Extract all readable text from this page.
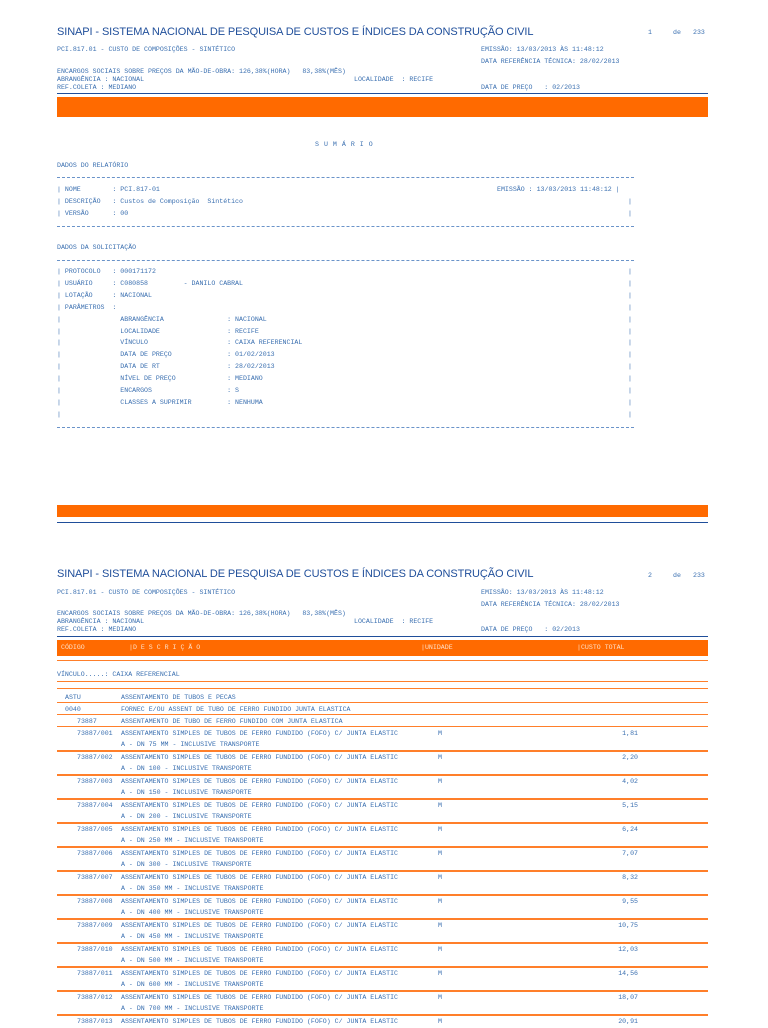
SINAPI - SISTEMA NACIONAL DE PESQUISA DE CUSTOS E ÍNDICES DA CONSTRUÇÃO CIVIL	1	de 233
PCI.817.01 - CUSTO DE COMPOSIÇÕES - SINTÉTICO	EMISSÃO: 13/03/2013 ÀS 11:48:12
DATA REFERÊNCIA TÉCNICA: 28/02/2013
ENCARGOS SOCIAIS SOBRE PREÇOS DA MÃO-DE-OBRA: 126,38%(HORA)   83,38%(MÊS)
ABRANGÊNCIA : NACIONAL	LOCALIDADE  : RECIFE
REF.COLETA : MEDIANO	DATA DE PREÇO   : 02/2013
SUMÁRIO
DADOS DO RELATÓRIO
| NOME        : PCI.817-01	EMISSÃO : 13/03/2013 11:48:12 |
| DESCRIÇÃO   : Custos de Composição  Sintético	|
| VERSÃO      : 00	|
DADOS DA SOLICITAÇÃO
| PROTOCOLO   : 000171172	|
| USUÁRIO     : C080858         - DANILO CABRAL	|
| LOTAÇÃO     : NACIONAL	|
| PARÂMETROS  :	|
|               ABRANGÊNCIA                : NACIONAL	|
|               LOCALIDADE                 : RECIFE	|
|               VÍNCULO                    : CAIXA REFERENCIAL	|
|               DATA DE PREÇO              : 01/02/2013	|
|               DATA DE RT                 : 28/02/2013	|
|               NÍVEL DE PREÇO             : MEDIANO	|
|               ENCARGOS                   : S	|
|               CLASSES A SUPRIMIR         : NENHUMA	|
|	|
SINAPI - SISTEMA NACIONAL DE PESQUISA DE CUSTOS E ÍNDICES DA CONSTRUÇÃO CIVIL	2	de 233
PCI.817.01 - CUSTO DE COMPOSIÇÕES - SINTÉTICO	EMISSÃO: 13/03/2013 ÀS 11:48:12
DATA REFERÊNCIA TÉCNICA: 28/02/2013
ENCARGOS SOCIAIS SOBRE PREÇOS DA MÃO-DE-OBRA: 126,38%(HORA)   83,38%(MÊS)
ABRANGÊNCIA : NACIONAL	LOCALIDADE  : RECIFE
REF.COLETA : MEDIANO	DATA DE PREÇO   : 02/2013
CÓDIGO	|D E S C R I Ç Ã O	|UNIDADE	|CUSTO TOTAL
VÍNCULO.....: CAIXA REFERENCIAL
ASTU	ASSENTAMENTO DE TUBOS E PECAS
0040	FORNEC E/OU ASSENT DE TUBO DE FERRO FUNDIDO JUNTA ELASTICA
73887	ASSENTAMENTO DE TUBO DE FERRO FUNDIDO COM JUNTA ELASTICA
73887/001 ASSENTAMENTO SIMPLES DE TUBOS DE FERRO FUNDIDO (FOFO) C/ JUNTA ELASTIC	M	1,81
A - DN 75 MM - INCLUSIVE TRANSPORTE
73887/002 ASSENTAMENTO SIMPLES DE TUBOS DE FERRO FUNDIDO (FOFO) C/ JUNTA ELASTIC	M	2,20
A - DN 100 - INCLUSIVE TRANSPORTE
73887/003 ASSENTAMENTO SIMPLES DE TUBOS DE FERRO FUNDIDO (FOFO) C/ JUNTA ELASTIC	M	4,02
A - DN 150 - INCLUSIVE TRANSPORTE
73887/004 ASSENTAMENTO SIMPLES DE TUBOS DE FERRO FUNDIDO (FOFO) C/ JUNTA ELASTIC	M	5,15
A - DN 200 - INCLUSIVE TRANSPORTE
73887/005 ASSENTAMENTO SIMPLES DE TUBOS DE FERRO FUNDIDO (FOFO) C/ JUNTA ELASTIC	M	6,24
A - DN 250 MM - INCLUSIVE TRANSPORTE
73887/006 ASSENTAMENTO SIMPLES DE TUBOS DE FERRO FUNDIDO (FOFO) C/ JUNTA ELASTIC	M	7,07
A - DN 300 - INCLUSIVE TRANSPORTE
73887/007 ASSENTAMENTO SIMPLES DE TUBOS DE FERRO FUNDIDO (FOFO) C/ JUNTA ELASTIC	M	8,32
A - DN 350 MM - INCLUSIVE TRANSPORTE
73887/008 ASSENTAMENTO SIMPLES DE TUBOS DE FERRO FUNDIDO (FOFO) C/ JUNTA ELASTIC	M	9,55
A - DN 400 MM - INCLUSIVE TRANSPORTE
73887/009 ASSENTAMENTO SIMPLES DE TUBOS DE FERRO FUNDIDO (FOFO) C/ JUNTA ELASTIC	M	10,75
A - DN 450 MM - INCLUSIVE TRANSPORTE
73887/010 ASSENTAMENTO SIMPLES DE TUBOS DE FERRO FUNDIDO (FOFO) C/ JUNTA ELASTIC	M	12,03
A - DN 500 MM - INCLUSIVE TRANSPORTE
73887/011 ASSENTAMENTO SIMPLES DE TUBOS DE FERRO FUNDIDO (FOFO) C/ JUNTA ELASTIC	M	14,56
A - DN 600 MM - INCLUSIVE TRANSPORTE
73887/012 ASSENTAMENTO SIMPLES DE TUBOS DE FERRO FUNDIDO (FOFO) C/ JUNTA ELASTIC	M	18,07
A - DN 700 MM - INCLUSIVE TRANSPORTE
73887/013 ASSENTAMENTO SIMPLES DE TUBOS DE FERRO FUNDIDO (FOFO) C/ JUNTA ELASTIC	M	20,91
